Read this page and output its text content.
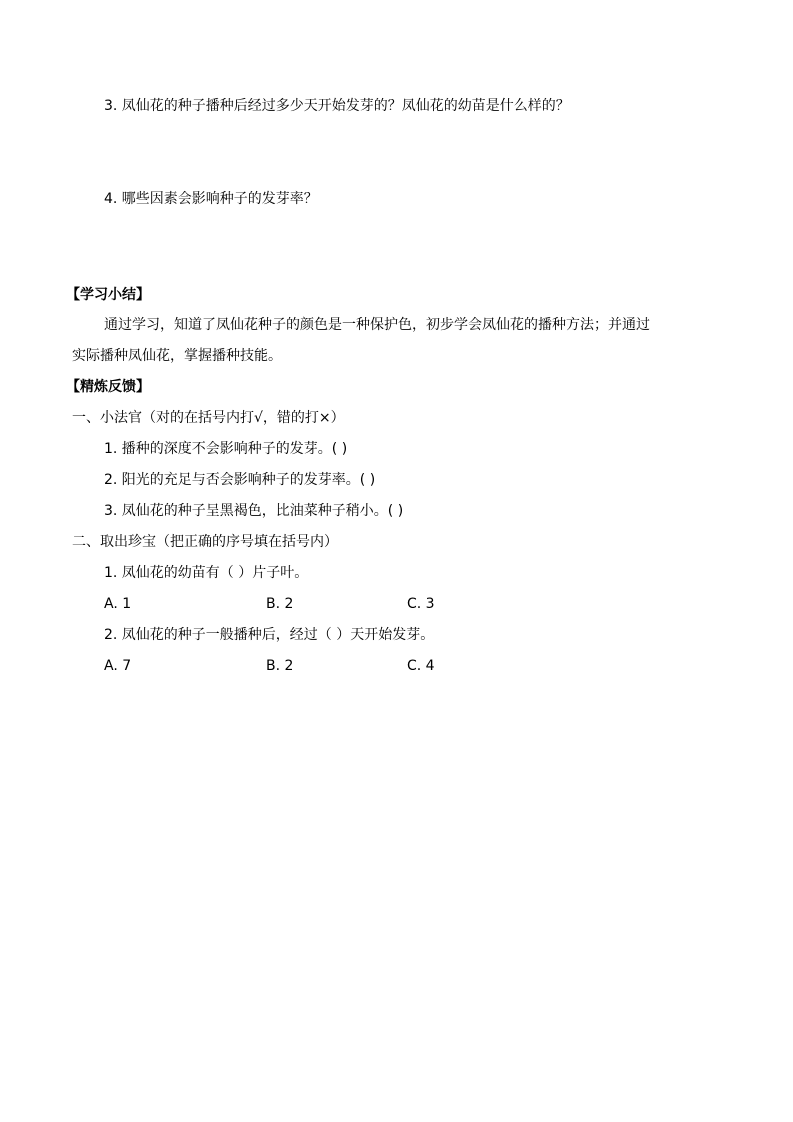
3. 凤仙花的种子播种后经过多少天开始发芽的？凤仙花的幼苗是什么样的？
4. 哪些因素会影响种子的发芽率？
【学习小结】
通过学习，知道了凤仙花种子的颜色是一种保护色，初步学会凤仙花的播种方法；并通过
实际播种凤仙花，掌握播种技能。
【精炼反馈】
一、小法官（对的在括号内打√，错的打×）
1. 播种的深度不会影响种子的发芽。( )
2. 阳光的充足与否会影响种子的发芽率。( )
3. 凤仙花的种子呈黑褐色，比油菜种子稍小。( )
二、取出珍宝（把正确的序号填在括号内）
1. 凤仙花的幼苗有（ ）片子叶。
A. 1	B. 2	C. 3
2. 凤仙花的种子一般播种后，经过（ ）天开始发芽。
A. 7	B. 2	C. 4
